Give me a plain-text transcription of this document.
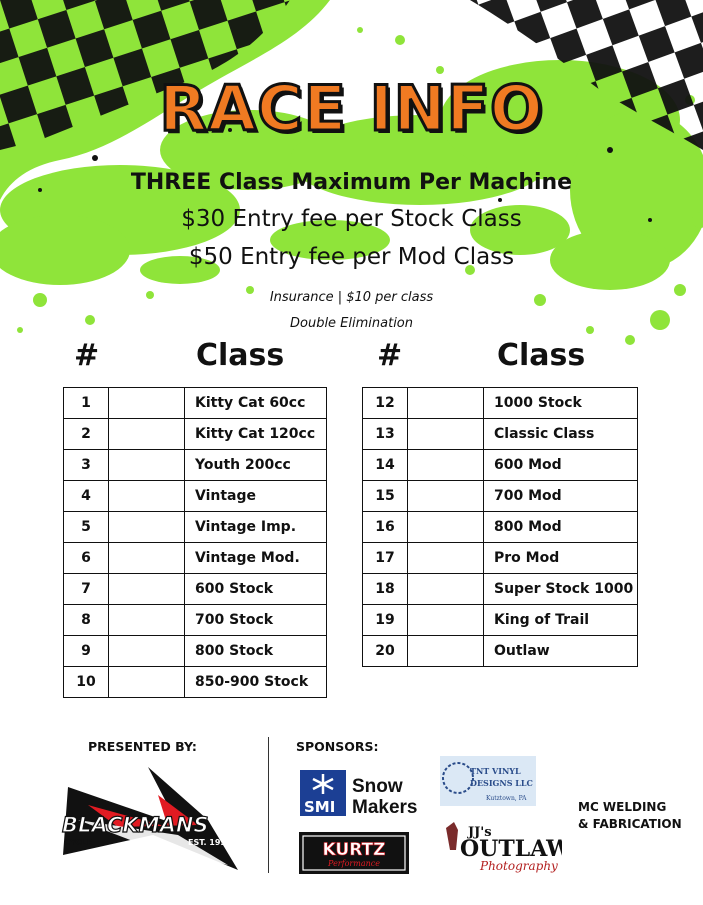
RACE INFO
THREE Class Maximum Per Machine
$30 Entry fee per Stock Class
$50 Entry fee per Mod Class
Insurance | $10 per class
Double Elimination
#	Class	#	Class
1		Kitty Cat 60cc
2		Kitty Cat 120cc
3		Youth 200cc
4		Vintage
5		Vintage Imp.
6		Vintage Mod.
7		600 Stock
8		700 Stock
9		800 Stock
10		850-900 Stock
12		1000 Stock
13		Classic Class
14		600 Mod
15		700 Mod
16		800 Mod
17		Pro Mod
18		Super Stock 1000
19		King of Trail
20		Outlaw
PRESENTED BY:	SPONSORS:
BLACKMANS
CYCLE	EST. 1955
SMI
Snow
Makers
KURTZ
Performance
TNT VINYL
DESIGNS LLC
Kutztown, PA
JJ's
OUTLAW
Photography
MC WELDING
& FABRICATION
